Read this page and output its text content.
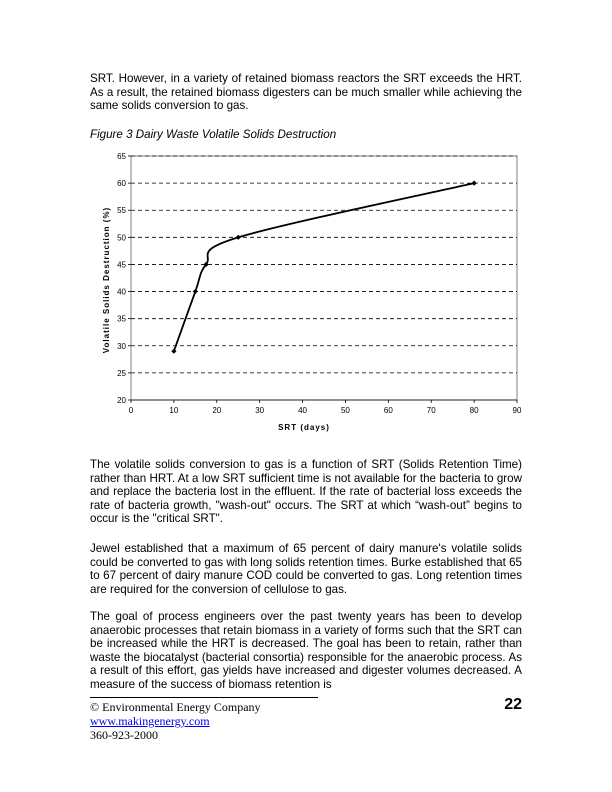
SRT. However, in a variety of retained biomass reactors the SRT exceeds the HRT. As a result, the retained biomass digesters can be much smaller while achieving the same solids conversion to gas.

Figure 3 Dairy Waste Volatile Solids Destruction
20
25
30
35
40
45
50
55
60
65
0	10	20	30	40	50	60	70	80	90
SRT (days)
Volatile Solids Destruction (%)

The volatile solids conversion to gas is a function of SRT (Solids Retention Time) rather than HRT. At a low SRT sufficient time is not available for the bacteria to grow and replace the bacteria lost in the effluent. If the rate of bacterial loss exceeds the rate of bacteria growth, "wash-out" occurs. The SRT at which “wash-out” begins to occur is the "critical SRT".

Jewel established that a maximum of 65 percent of dairy manure's volatile solids could be converted to gas with long solids retention times. Burke established that 65 to 67 percent of dairy manure COD could be converted to gas. Long retention times are required for the conversion of cellulose to gas.

The goal of process engineers over the past twenty years has been to develop anaerobic processes that retain biomass in a variety of forms such that the SRT can be increased while the HRT is decreased. The goal has been to retain, rather than waste the biocatalyst (bacterial consortia) responsible for the anaerobic process. As a result of this effort, gas yields have increased and digester volumes decreased. A measure of the success of biomass retention is

© Environmental Energy Company
www.makingenergy.com
360-923-2000
22
